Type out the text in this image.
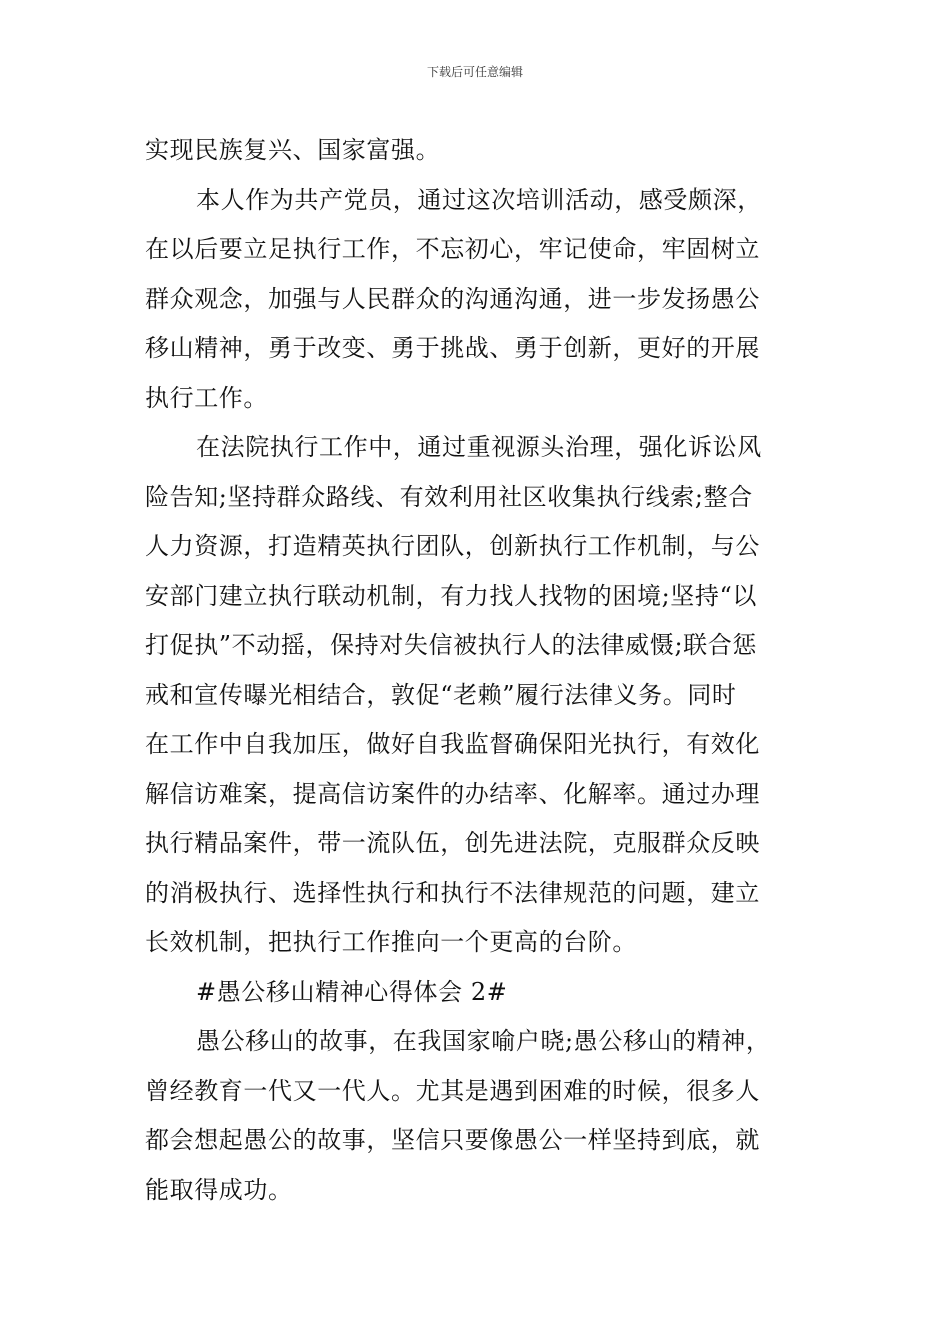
下载后可任意编辑
实现民族复兴、国家富强。
本人作为共产党员，通过这次培训活动，感受颇深，
在以后要立足执行工作，不忘初心，牢记使命，牢固树立
群众观念，加强与人民群众的沟通沟通，进一步发扬愚公
移山精神，勇于改变、勇于挑战、勇于创新，更好的开展
执行工作。
在法院执行工作中，通过重视源头治理，强化诉讼风
险告知;坚持群众路线、有效利用社区收集执行线索;整合
人力资源，打造精英执行团队，创新执行工作机制，与公
安部门建立执行联动机制，有力找人找物的困境;坚持“以
打促执”不动摇，保持对失信被执行人的法律威慑;联合惩
戒和宣传曝光相结合，敦促“老赖”履行法律义务。同时
在工作中自我加压，做好自我监督确保阳光执行，有效化
解信访难案，提高信访案件的办结率、化解率。通过办理
执行精品案件，带一流队伍，创先进法院，克服群众反映
的消极执行、选择性执行和执行不法律规范的问题，建立
长效机制，把执行工作推向一个更高的台阶。
#愚公移山精神心得体会 2#
愚公移山的故事，在我国家喻户晓;愚公移山的精神，
曾经教育一代又一代人。尤其是遇到困难的时候，很多人
都会想起愚公的故事，坚信只要像愚公一样坚持到底，就
能取得成功。
